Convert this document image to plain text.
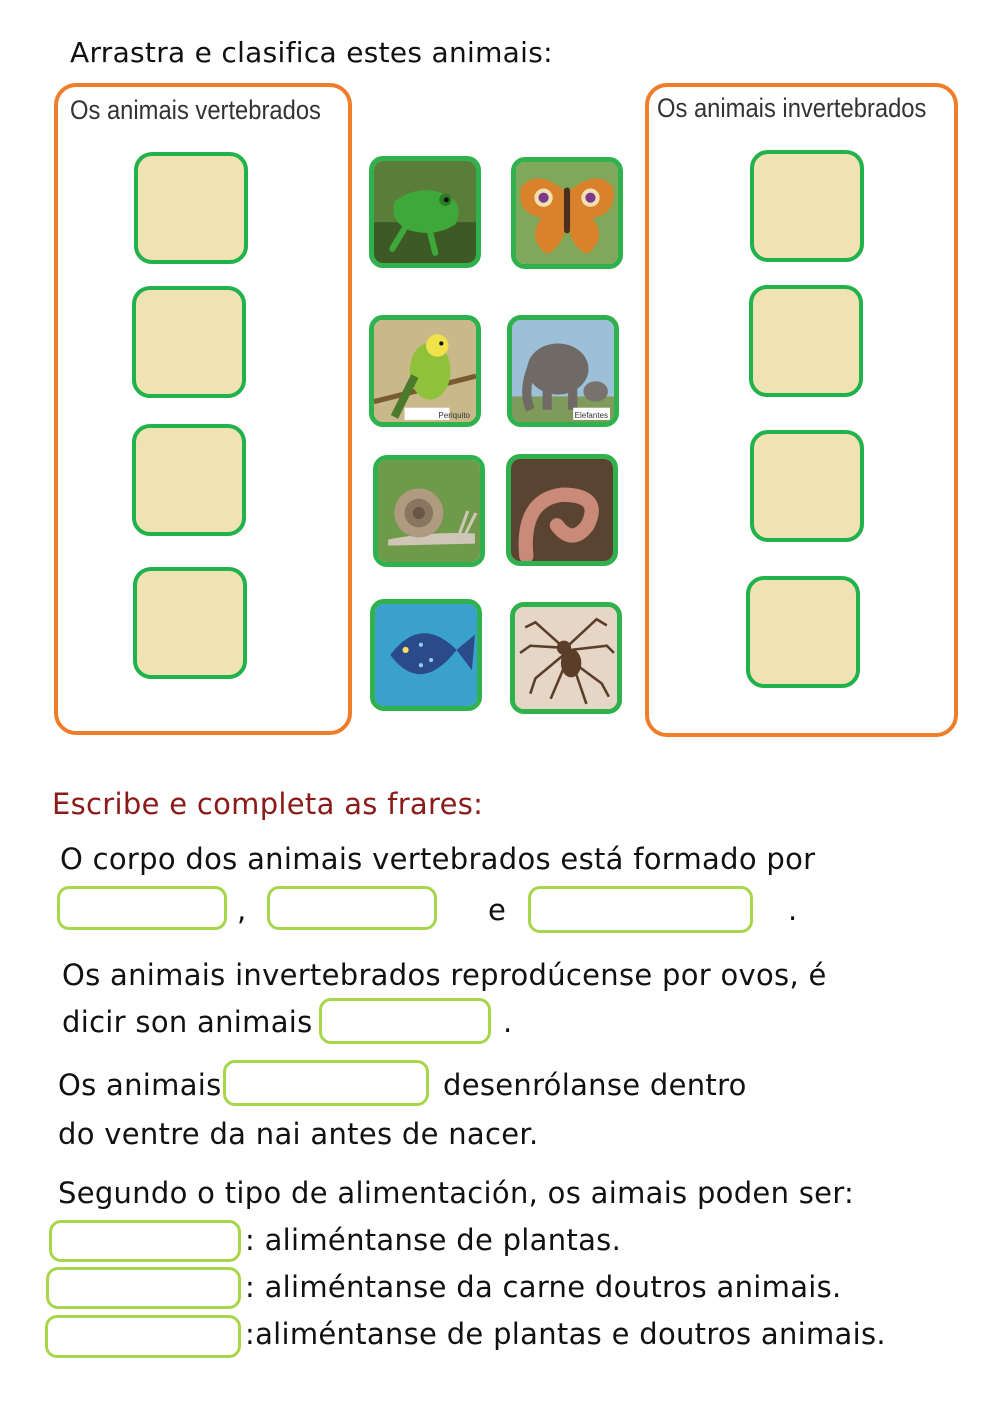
Arrastra e clasifica estes animais:
Os animais vertebrados	Os animais invertebrados
Periquito	Elefantes
Escribe e completa as frares:
O corpo dos animais vertebrados está formado por
,	e	.
Os animais invertebrados reprodúcense por ovos, é
dicir son animais	.
Os animais	desenrólanse dentro
do ventre da nai antes de nacer.
Segundo o tipo de alimentación, os aimais poden ser:
: aliméntanse de plantas.
: aliméntanse da carne doutros animais.
:aliméntanse de plantas e doutros animais.
